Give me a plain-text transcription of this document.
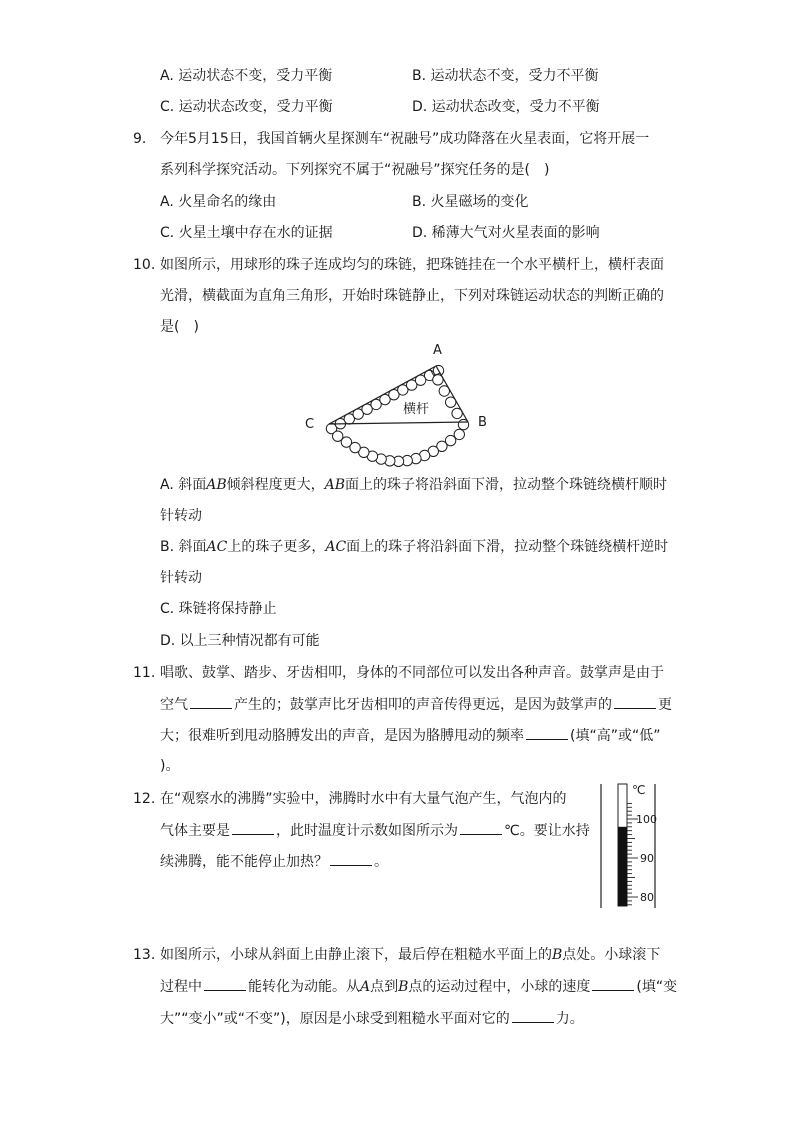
A. 运动状态不变，受力平衡	B. 运动状态不变，受力不平衡
C. 运动状态改变，受力平衡	D. 运动状态改变，受力不平衡
9. 今年5月15日，我国首辆火星探测车“祝融号”成功降落在火星表面，它将开展一
系列科学探究活动。下列探究不属于“祝融号”探究任务的是(　)
A. 火星命名的缘由	B. 火星磁场的变化
C. 火星土壤中存在水的证据	D. 稀薄大气对火星表面的影响
10. 如图所示，用球形的珠子连成均匀的珠链，把珠链挂在一个水平横杆上，横杆表面
光滑，横截面为直角三角形，开始时珠链静止，下列对珠链运动状态的判断正确的
是(　)
A
B
C
横杆
A. 斜面AB倾斜程度更大，AB面上的珠子将沿斜面下滑，拉动整个珠链绕横杆顺时
针转动
B. 斜面AC上的珠子更多，AC面上的珠子将沿斜面下滑，拉动整个珠链绕横杆逆时
针转动
C. 珠链将保持静止
D. 以上三种情况都有可能
11. 唱歌、鼓掌、踏步、牙齿相叩，身体的不同部位可以发出各种声音。鼓掌声是由于
空气	产生的；鼓掌声比牙齿相叩的声音传得更远，是因为鼓掌声的	更
大；很难听到甩动胳膊发出的声音，是因为胳膊甩动的频率	(填“高”或“低”
)。
12. 在“观察水的沸腾”实验中，沸腾时水中有大量气泡产生，气泡内的
气体主要是	，此时温度计示数如图所示为	℃。要让水持
续沸腾，能不能停止加热？	。
℃
100
90
80
13. 如图所示，小球从斜面上由静止滚下，最后停在粗糙水平面上的B点处。小球滚下
过程中	能转化为动能。从A点到B点的运动过程中，小球的速度	(填“变
大”“变小”或“不变”)，原因是小球受到粗糙水平面对它的	力。
